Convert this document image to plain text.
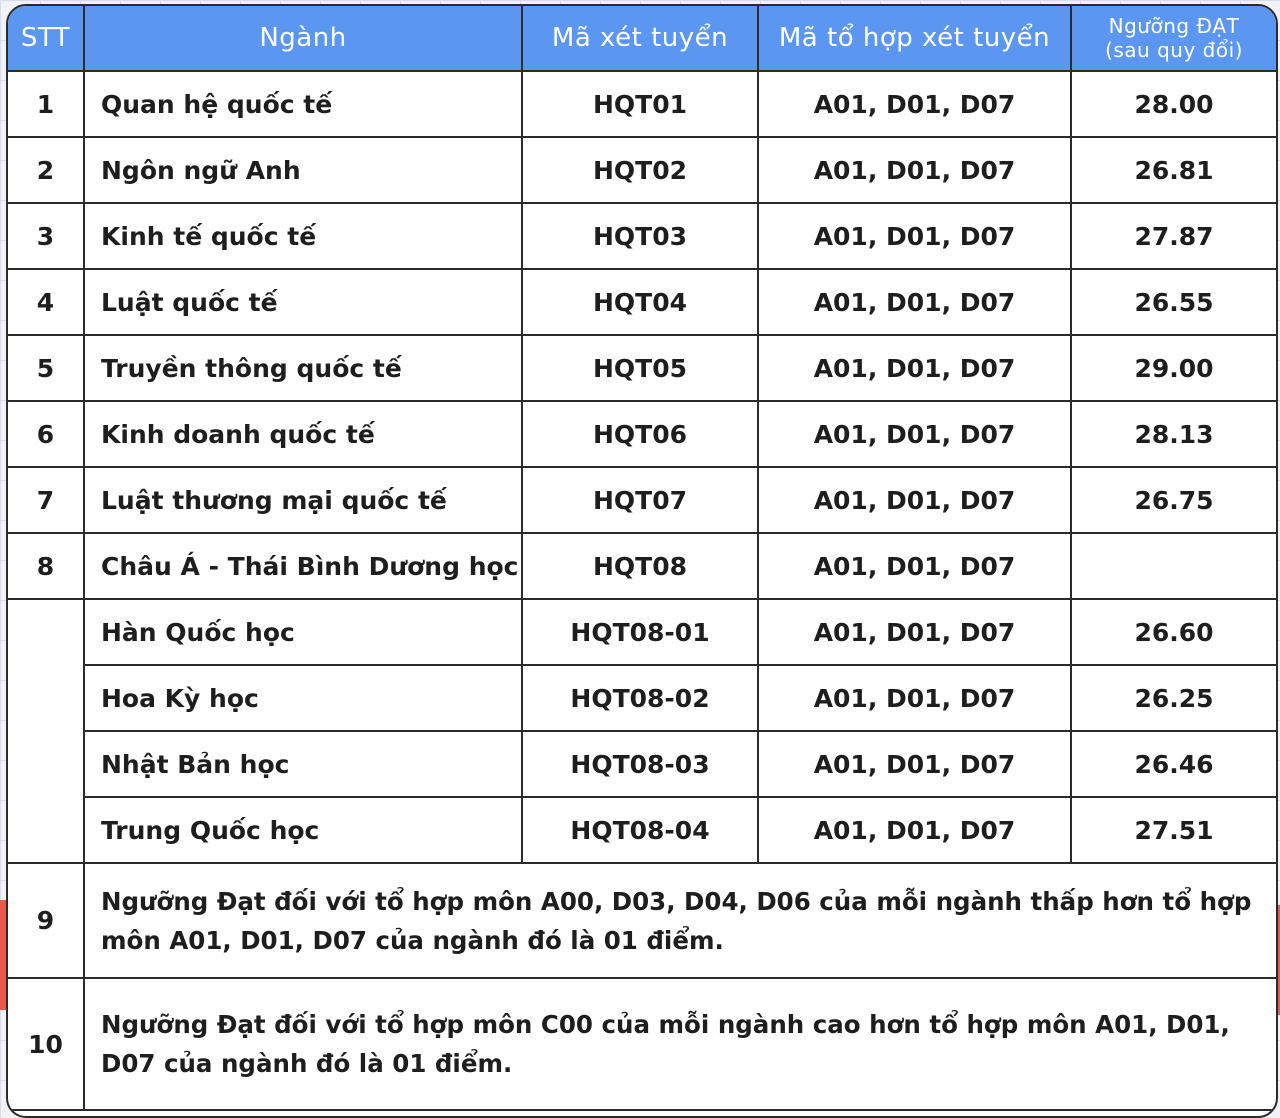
STT	Ngành	Mã xét tuyển	Mã tổ hợp xét tuyển	Ngưỡng ĐẠT
(sau quy đổi)

1	Quan hệ quốc tế	HQT01	A01, D01, D07	28.00
2	Ngôn ngữ Anh	HQT02	A01, D01, D07	26.81
3	Kinh tế quốc tế	HQT03	A01, D01, D07	27.87
4	Luật quốc tế	HQT04	A01, D01, D07	26.55
5	Truyền thông quốc tế	HQT05	A01, D01, D07	29.00
6	Kinh doanh quốc tế	HQT06	A01, D01, D07	28.13
7	Luật thương mại quốc tế	HQT07	A01, D01, D07	26.75
8	Châu Á - Thái Bình Dương học	HQT08	A01, D01, D07	
	Hàn Quốc học	HQT08-01	A01, D01, D07	26.60
	Hoa Kỳ học	HQT08-02	A01, D01, D07	26.25
	Nhật Bản học	HQT08-03	A01, D01, D07	26.46
	Trung Quốc học	HQT08-04	A01, D01, D07	27.51
9	Ngưỡng Đạt đối với tổ hợp môn A00, D03, D04, D06 của mỗi ngành thấp hơn tổ hợp môn A01, D01, D07 của ngành đó là 01 điểm.			
10	Ngưỡng Đạt đối với tổ hợp môn C00 của mỗi ngành cao hơn tổ hợp môn A01, D01, D07 của ngành đó là 01 điểm.			
